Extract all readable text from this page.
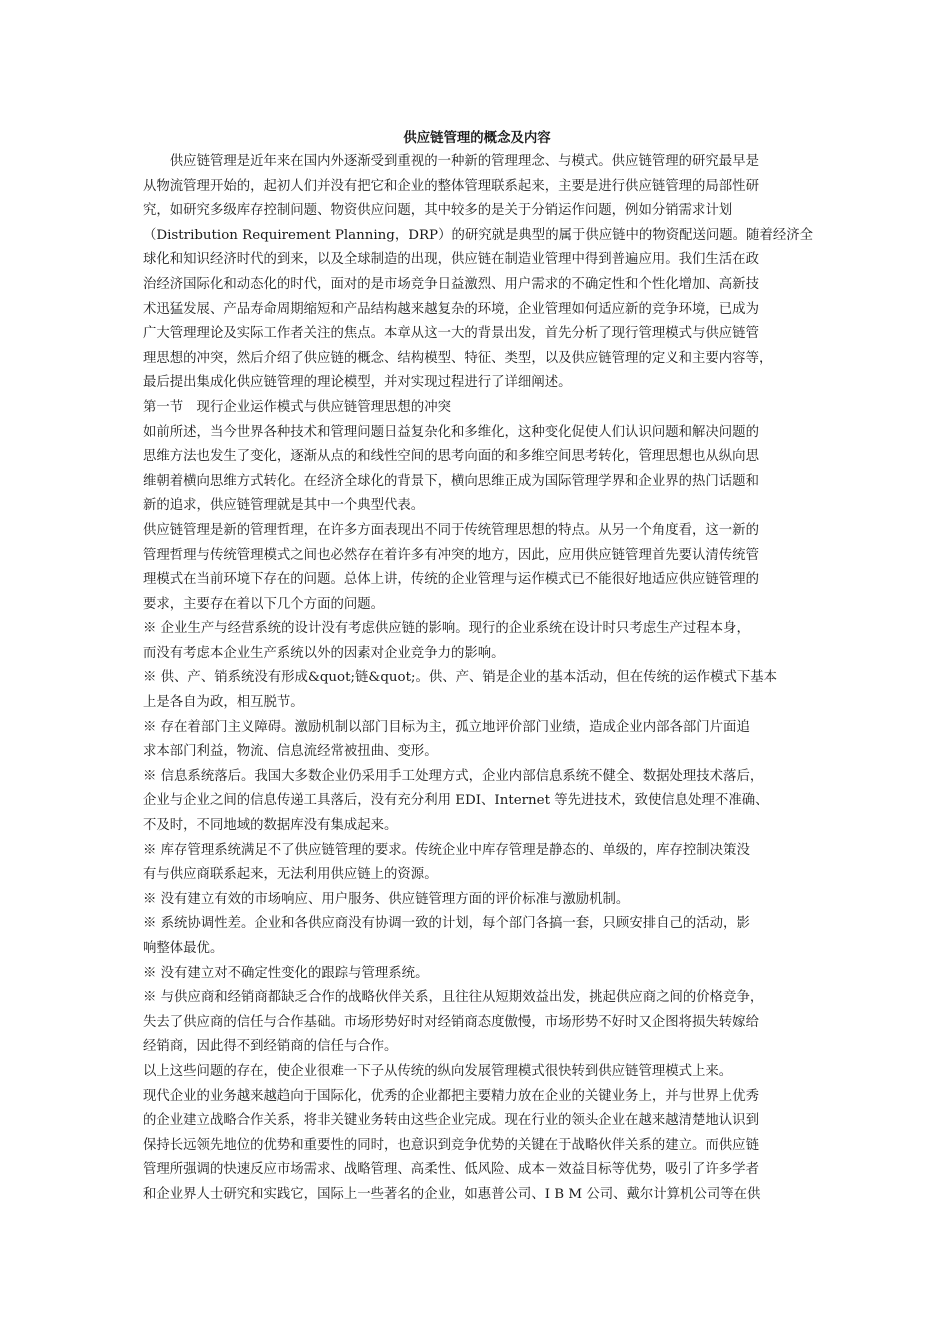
供应链管理的概念及内容
供应链管理是近年来在国内外逐渐受到重视的一种新的管理理念、与模式。供应链管理的研究最早是
从物流管理开始的，起初人们并没有把它和企业的整体管理联系起来，主要是进行供应链管理的局部性研
究，如研究多级库存控制问题、物资供应问题，其中较多的是关于分销运作问题，例如分销需求计划
（Distribution Requirement Planning，DRP）的研究就是典型的属于供应链中的物资配送问题。随着经济全
球化和知识经济时代的到来，以及全球制造的出现，供应链在制造业管理中得到普遍应用。我们生活在政
治经济国际化和动态化的时代，面对的是市场竞争日益激烈、用户需求的不确定性和个性化增加、高新技
术迅猛发展、产品寿命周期缩短和产品结构越来越复杂的环境，企业管理如何适应新的竞争环境，已成为
广大管理理论及实际工作者关注的焦点。本章从这一大的背景出发，首先分析了现行管理模式与供应链管
理思想的冲突，然后介绍了供应链的概念、结构模型、特征、类型，以及供应链管理的定义和主要内容等，
最后提出集成化供应链管理的理论模型，并对实现过程进行了详细阐述。
第一节　现行企业运作模式与供应链管理思想的冲突
如前所述，当今世界各种技术和管理问题日益复杂化和多维化，这种变化促使人们认识问题和解决问题的
思维方法也发生了变化，逐渐从点的和线性空间的思考向面的和多维空间思考转化，管理思想也从纵向思
维朝着横向思维方式转化。在经济全球化的背景下，横向思维正成为国际管理学界和企业界的热门话题和
新的追求，供应链管理就是其中一个典型代表。
供应链管理是新的管理哲理，在许多方面表现出不同于传统管理思想的特点。从另一个角度看，这一新的
管理哲理与传统管理模式之间也必然存在着许多有冲突的地方，因此，应用供应链管理首先要认清传统管
理模式在当前环境下存在的问题。总体上讲，传统的企业管理与运作模式已不能很好地适应供应链管理的
要求，主要存在着以下几个方面的问题。
※ 企业生产与经营系统的设计没有考虑供应链的影响。现行的企业系统在设计时只考虑生产过程本身，
而没有考虑本企业生产系统以外的因素对企业竞争力的影响。
※ 供、产、销系统没有形成&quot;链&quot;。供、产、销是企业的基本活动，但在传统的运作模式下基本
上是各自为政，相互脱节。
※ 存在着部门主义障碍。激励机制以部门目标为主，孤立地评价部门业绩，造成企业内部各部门片面追
求本部门利益，物流、信息流经常被扭曲、变形。
※ 信息系统落后。我国大多数企业仍采用手工处理方式，企业内部信息系统不健全、数据处理技术落后，
企业与企业之间的信息传递工具落后，没有充分利用 EDI、Internet 等先进技术，致使信息处理不准确、
不及时，不同地域的数据库没有集成起来。
※ 库存管理系统满足不了供应链管理的要求。传统企业中库存管理是静态的、单级的，库存控制决策没
有与供应商联系起来，无法利用供应链上的资源。
※ 没有建立有效的市场响应、用户服务、供应链管理方面的评价标准与激励机制。
※ 系统协调性差。企业和各供应商没有协调一致的计划，每个部门各搞一套，只顾安排自己的活动，影
响整体最优。
※ 没有建立对不确定性变化的跟踪与管理系统。
※ 与供应商和经销商都缺乏合作的战略伙伴关系，且往往从短期效益出发，挑起供应商之间的价格竞争，
失去了供应商的信任与合作基础。市场形势好时对经销商态度傲慢，市场形势不好时又企图将损失转嫁给
经销商，因此得不到经销商的信任与合作。
以上这些问题的存在，使企业很难一下子从传统的纵向发展管理模式很快转到供应链管理模式上来。
现代企业的业务越来越趋向于国际化，优秀的企业都把主要精力放在企业的关键业务上，并与世界上优秀
的企业建立战略合作关系，将非关键业务转由这些企业完成。现在行业的领头企业在越来越清楚地认识到
保持长远领先地位的优势和重要性的同时，也意识到竞争优势的关键在于战略伙伴关系的建立。而供应链
管理所强调的快速反应市场需求、战略管理、高柔性、低风险、成本－效益目标等优势，吸引了许多学者
和企业界人士研究和实践它，国际上一些著名的企业，如惠普公司、I B M 公司、戴尔计算机公司等在供
